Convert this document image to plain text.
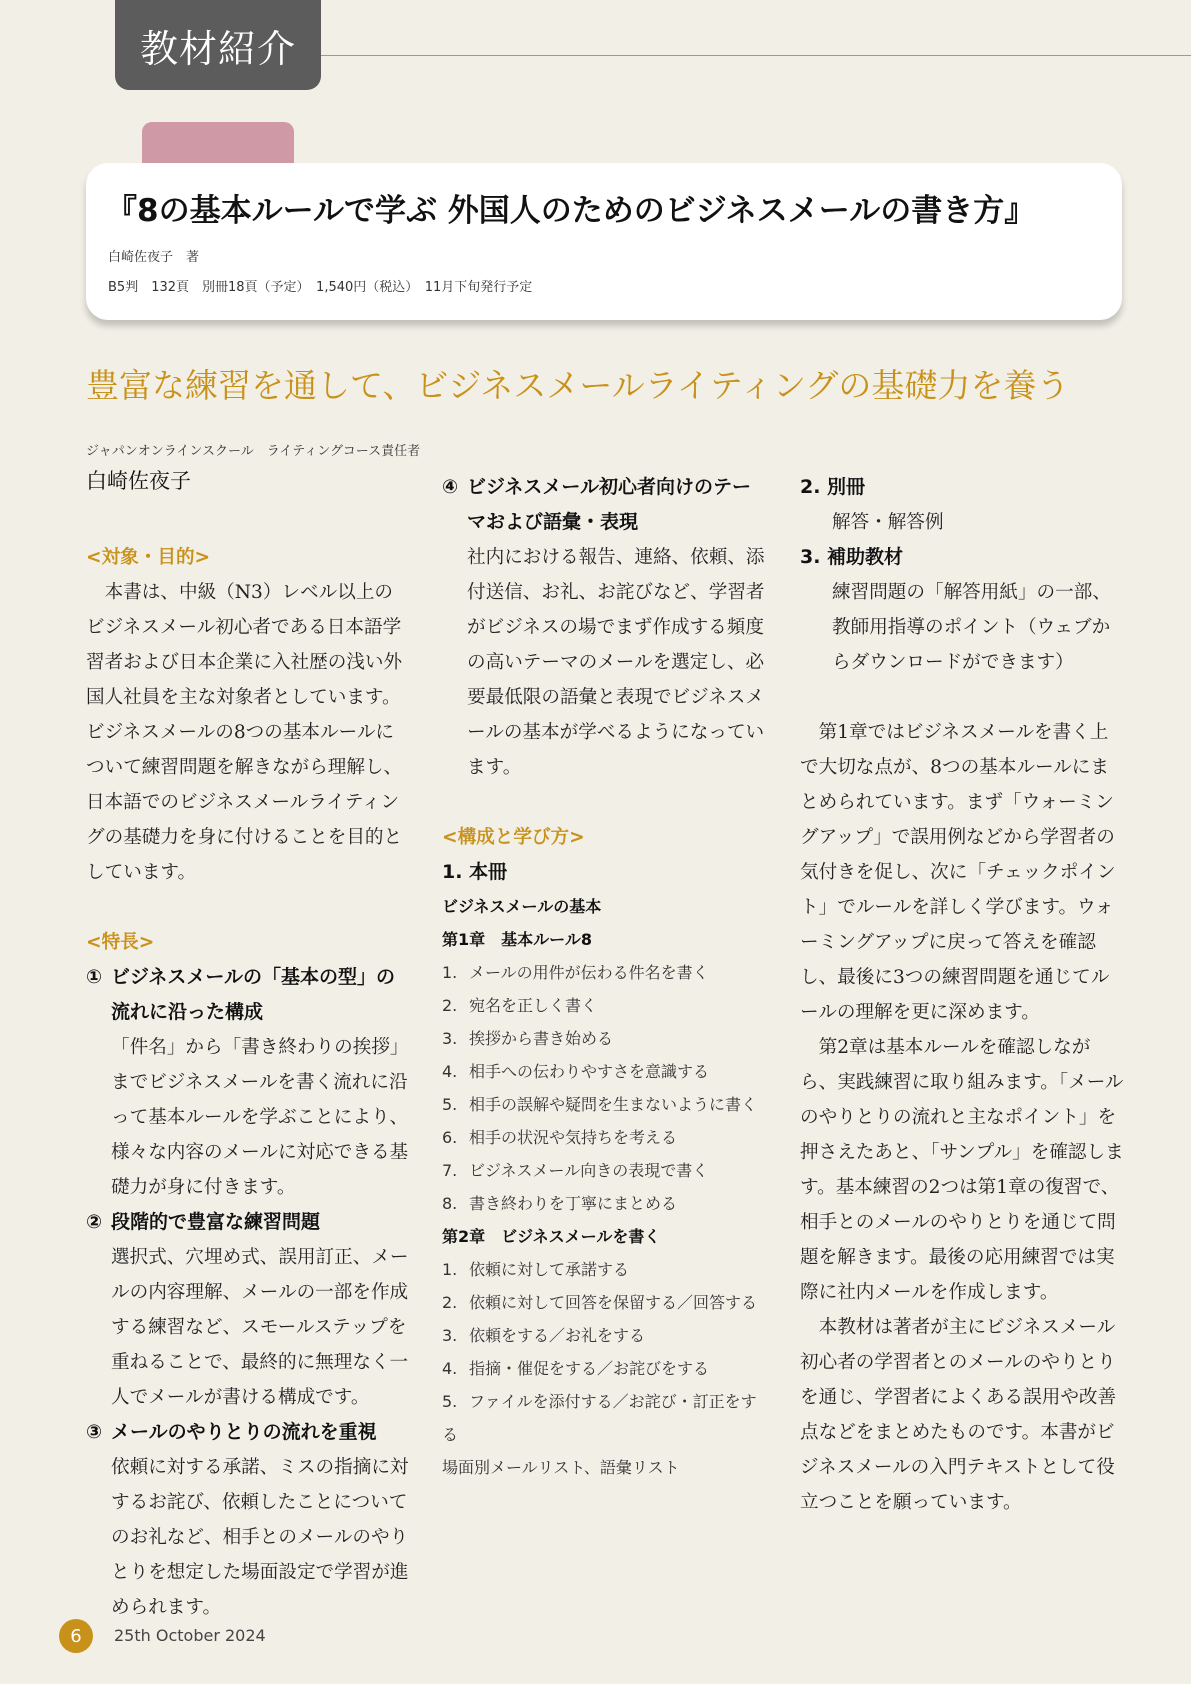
教材紹介
『8の基本ルールで学ぶ 外国人のためのビジネスメールの書き方』
白崎佐夜子　著
B5判　132頁　別冊18頁（予定）　1,540円（税込）　11月下旬発行予定
豊富な練習を通して、ビジネスメールライティングの基礎力を養う
ジャパンオンラインスクール　ライティングコース責任者
白崎佐夜子
<対象・目的>

本書は、中級（N3）レベル以上のビジネスメール初心者である日本語学習者および日本企業に入社歴の浅い外国人社員を主な対象者としています。ビジネスメールの8つの基本ルールについて練習問題を解きながら理解し、日本語でのビジネスメールライティングの基礎力を身に付けることを目的としています。

<特長>
① ビジネスメールの「基本の型」の流れに沿った構成
「件名」から「書き終わりの挨拶」までビジネスメールを書く流れに沿って基本ルールを学ぶことにより、様々な内容のメールに対応できる基礎力が身に付きます。
② 段階的で豊富な練習問題
選択式、穴埋め式、誤用訂正、メールの内容理解、メールの一部を作成する練習など、スモールステップを重ねることで、最終的に無理なく一人でメールが書ける構成です。
③ メールのやりとりの流れを重視
依頼に対する承諾、ミスの指摘に対するお詫び、依頼したことについてのお礼など、相手とのメールのやりとりを想定した場面設定で学習が進められます。
④ ビジネスメール初心者向けのテーマおよび語彙・表現
社内における報告、連絡、依頼、添付送信、お礼、お詫びなど、学習者がビジネスの場でまず作成する頻度の高いテーマのメールを選定し、必要最低限の語彙と表現でビジネスメールの基本が学べるようになっています。
<構成と学び方>
1. 本冊
ビジネスメールの基本
第1章　基本ルール8
1. メールの用件が伝わる件名を書く
2. 宛名を正しく書く
3. 挨拶から書き始める
4. 相手への伝わりやすさを意識する
5. 相手の誤解や疑問を生まないように書く
6. 相手の状況や気持ちを考える
7. ビジネスメール向きの表現で書く
8. 書き終わりを丁寧にまとめる
第2章　ビジネスメールを書く
1. 依頼に対して承諾する
2. 依頼に対して回答を保留する／回答する
3. 依頼をする／お礼をする
4. 指摘・催促をする／お詫びをする
5. ファイルを添付する／お詫び・訂正をする
場面別メールリスト、語彙リスト
2. 別冊
解答・解答例
3. 補助教材
練習問題の「解答用紙」の一部、教師用指導のポイント（ウェブからダウンロードができます）

第1章ではビジネスメールを書く上で大切な点が、8つの基本ルールにまとめられています。まず「ウォーミングアップ」で誤用例などから学習者の気付きを促し、次に「チェックポイント」でルールを詳しく学びます。ウォーミングアップに戻って答えを確認し、最後に3つの練習問題を通じてルールの理解を更に深めます。

第2章は基本ルールを確認しながら、実践練習に取り組みます。「メールのやりとりの流れと主なポイント」を押さえたあと、「サンプル」を確認します。基本練習の2つは第1章の復習で、相手とのメールのやりとりを通じて問題を解きます。最後の応用練習では実際に社内メールを作成します。

本教材は著者が主にビジネスメール初心者の学習者とのメールのやりとりを通じ、学習者によくある誤用や改善点などをまとめたものです。本書がビジネスメールの入門テキストとして役立つことを願っています。

6	25th October 2024
